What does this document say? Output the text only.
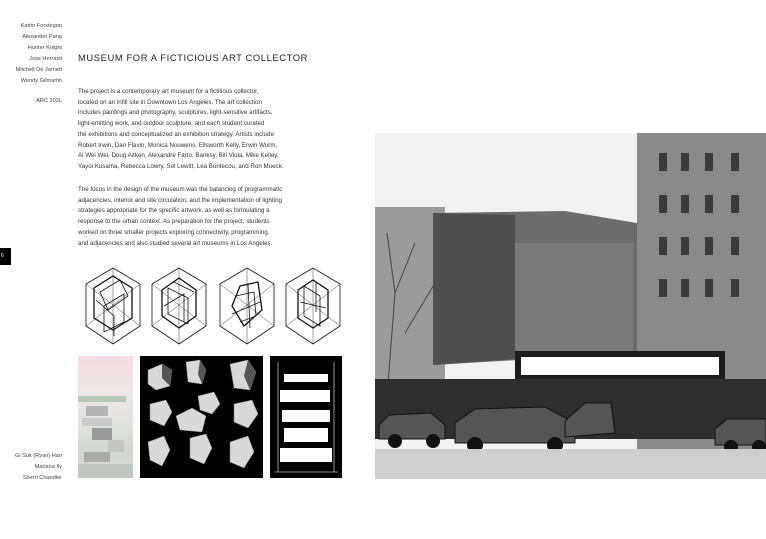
Katrin Forstegon
Alexander Pang
Hunter Knight
Jose Herrasti
Mitchell De Jarnett
Wendy Gilmartin
ARC 202L
Gi Suk (Ryan) Han
Mariana Ily
Sherri Chandler
6
MUSEUM FOR A FICTICIOUS ART COLLECTOR
The project is a contemporary art museum for a fictitious collector,
located on an infill site in Downtown Los Angeles. The art collection
includes paintings and photography, sculptures, light-sensitive artifacts,
light-emitting work, and outdoor sculpture, and each student curated
the exhibitions and conceptualized an exhibition strategy. Artists include
Robert Irwin, Dan Flavin, Monica Nouwens, Ellsworth Kelly, Erwin Wurm,
Ai Wei Wei, Doug Aitken, Alexandre Farto, Banksy, Bill Viola, Mike Kelley,
Yayoi Kusama, Rebecca Lowry, Sol Lewitt, Lea Bontecou, and Ron Mueck.
The focus in the design of the museum was the balancing of programmatic
adjacencies, interior and site circulation, and the implementation of lighting
strategies appropriate for the specific artwork, as well as formulating a
response to the urban context. As preparation for the project, students
worked on three smaller projects exploring connectivity, programming,
and adjacencies and also studied several art museums in Los Angeles.
